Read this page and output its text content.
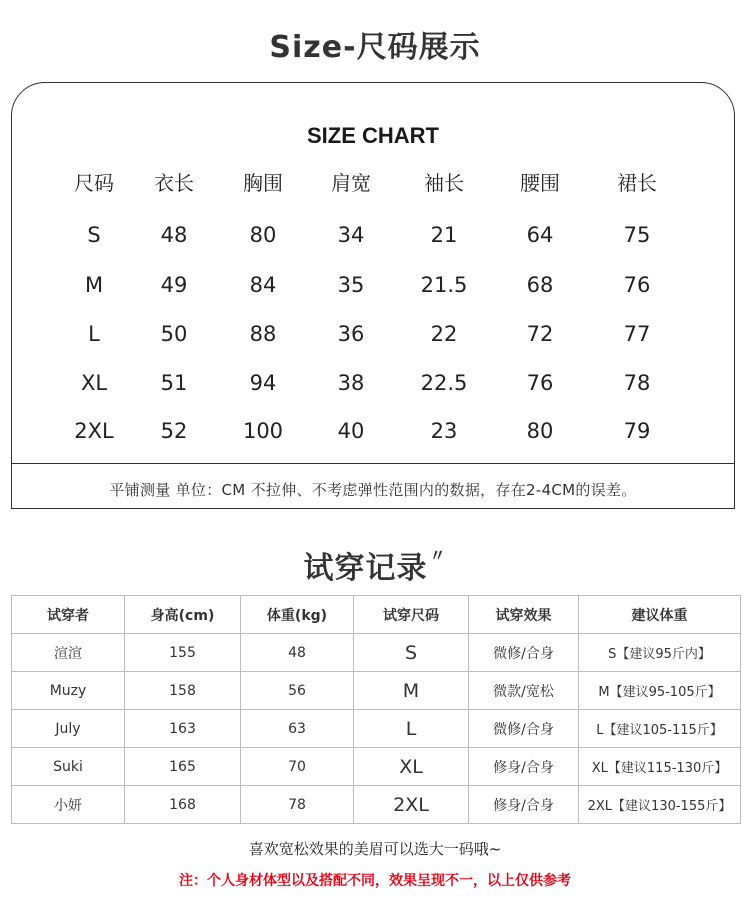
Size-尺码展示
SIZE CHART
尺码	衣长	胸围	肩宽	袖长	腰围	裙长
S	48	80	34	21	64	75
M	49	84	35	21.5	68	76
L	50	88	36	22	72	77
XL	51	94	38	22.5	76	78
2XL	52	100	40	23	80	79
平铺测量 单位：CM 不拉伸、不考虑弹性范围内的数据，存在2-4CM的误差。
试穿记录 〃
试穿者	身高(cm)	体重(kg)	试穿尺码	试穿效果	建议体重
渲渲	155	48	S	微修/合身	S【建议95斤内】
Muzy	158	56	M	微款/宽松	M【建议95-105斤】
July	163	63	L	微修/合身	L【建议105-115斤】
Suki	165	70	XL	修身/合身	XL【建议115-130斤】
小妍	168	78	2XL	修身/合身	2XL【建议130-155斤】
喜欢宽松效果的美眉可以选大一码哦~
注：个人身材体型以及搭配不同，效果呈现不一，以上仅供参考
